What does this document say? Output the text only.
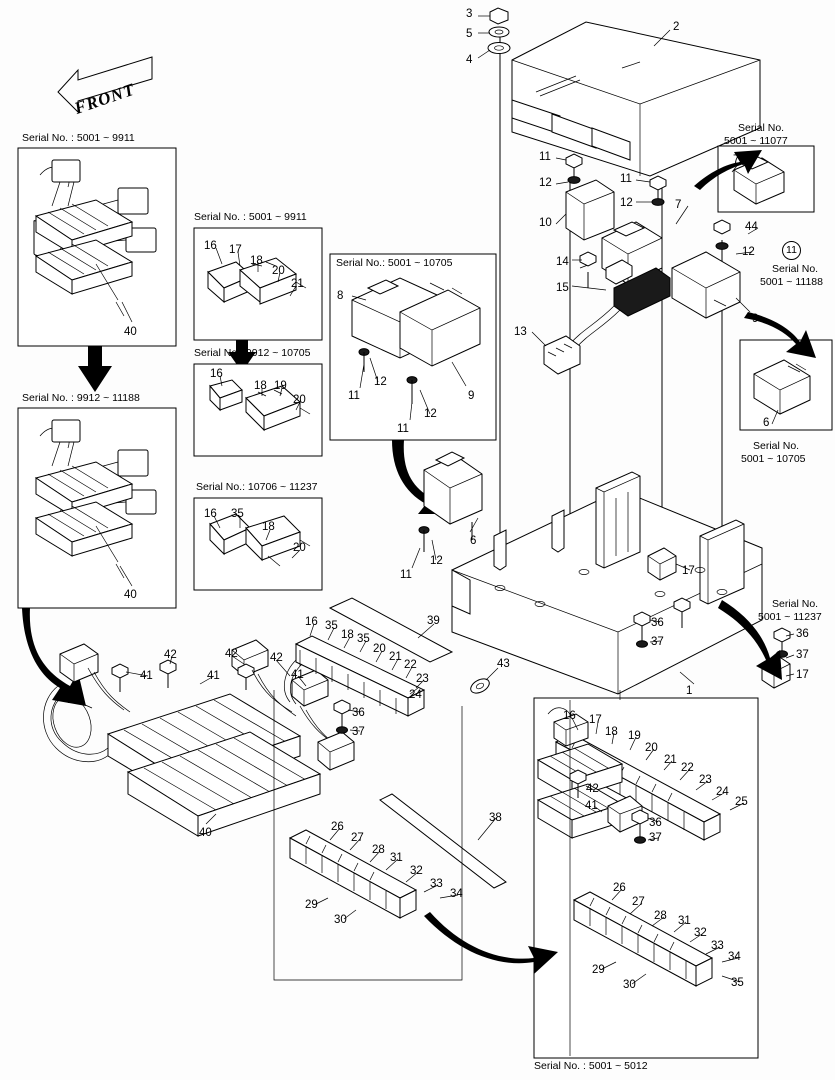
FRONT
Serial No. : 5001 ~ 9911
Serial No. : 9912 ~ 11188
Serial No. : 5001 ~ 9911
Serial No.: 9912 ~ 10705
Serial No.: 10706 ~ 11237
Serial No.: 5001 ~ 10705
Serial No.
5001 ~ 11077
Serial No.
5001 ~ 11188
Serial No.
5001 ~ 10705
Serial No.
5001 ~ 11237
Serial No. : 5001 ~ 5012
11
3
5
4
2
7
11
12	11
12	7
10	44
12
14
15
9
13
8
9
11
12
11
12
6
11
12
6
16 17
18
20
21
16
18 19
20
16 35
18
20
40
40
16 35
18 35
20
21
22
23
24
39
43
42	42	42
41	41	41
41
36
37
40
36
37
17
1
36
37
17
26
27
28
31
32
33
34
29
30
38
16 17
18 19
20
21
22
23
24
25
42
41
36
37
26
27
28 31
32
33
34
29
35
30
